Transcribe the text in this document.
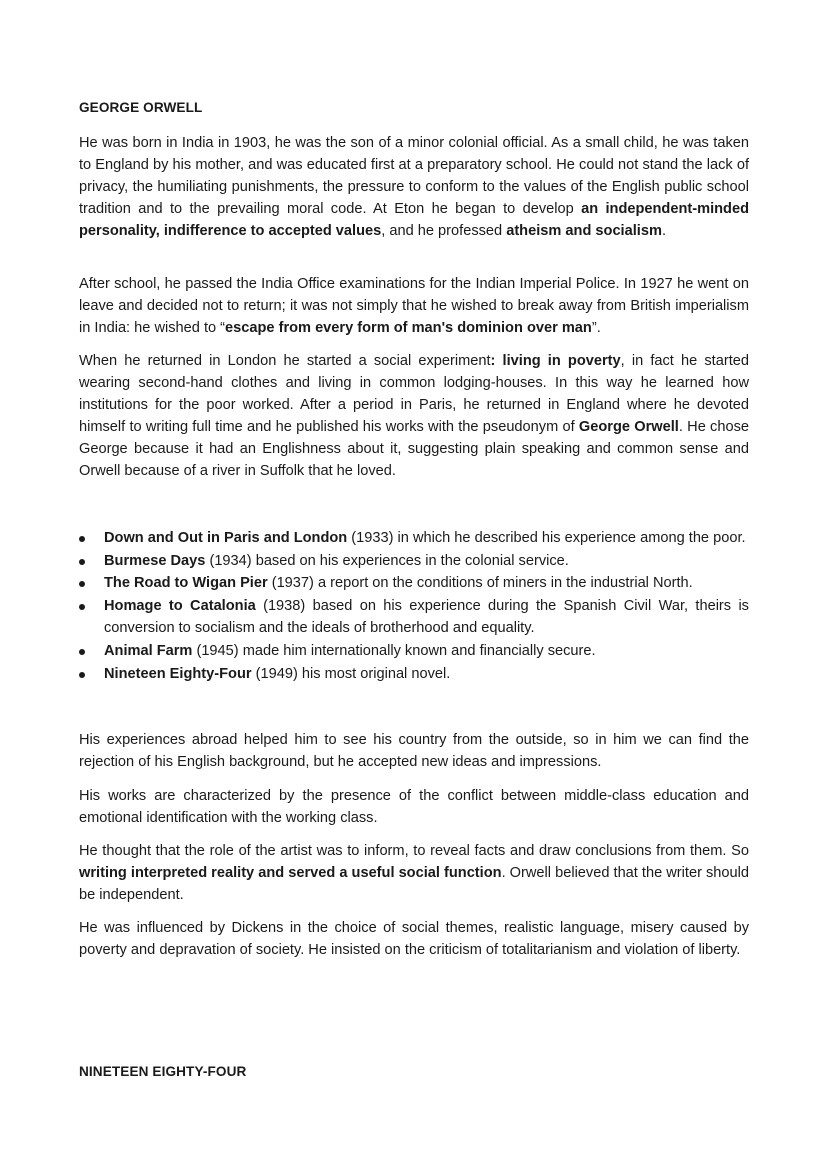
GEORGE ORWELL

He was born in India in 1903, he was the son of a minor colonial official. As a small child, he was taken to England by his mother, and was educated first at a preparatory school. He could not stand the lack of privacy, the humiliating punishments, the pressure to conform to the values of the English public school tradition and to the prevailing moral code. At Eton he began to develop an independent-minded personality, indifference to accepted values, and he professed atheism and socialism.

After school, he passed the India Office examinations for the Indian Imperial Police. In 1927 he went on leave and decided not to return; it was not simply that he wished to break away from British imperialism in India: he wished to “escape from every form of man's dominion over man”.

When he returned in London he started a social experiment: living in poverty, in fact he started wearing second-hand clothes and living in common lodging-houses. In this way he learned how institutions for the poor worked. After a period in Paris, he returned in England where he devoted himself to writing full time and he published his works with the pseudonym of George Orwell. He chose George because it had an Englishness about it, suggesting plain speaking and common sense and Orwell because of a river in Suffolk that he loved.

Down and Out in Paris and London (1933) in which he described his experience among the poor.
Burmese Days (1934) based on his experiences in the colonial service.
The Road to Wigan Pier (1937) a report on the conditions of miners in the industrial North.
Homage to Catalonia (1938) based on his experience during the Spanish Civil War, theirs is conversion to socialism and the ideals of brotherhood and equality.
Animal Farm (1945) made him internationally known and financially secure.
Nineteen Eighty-Four (1949) his most original novel.

His experiences abroad helped him to see his country from the outside, so in him we can find the rejection of his English background, but he accepted new ideas and impressions.

His works are characterized by the presence of the conflict between middle-class education and emotional identification with the working class.

He thought that the role of the artist was to inform, to reveal facts and draw conclusions from them. So writing interpreted reality and served a useful social function. Orwell believed that the writer should be independent.

He was influenced by Dickens in the choice of social themes, realistic language, misery caused by poverty and depravation of society. He insisted on the criticism of totalitarianism and violation of liberty.

NINETEEN EIGHTY-FOUR
